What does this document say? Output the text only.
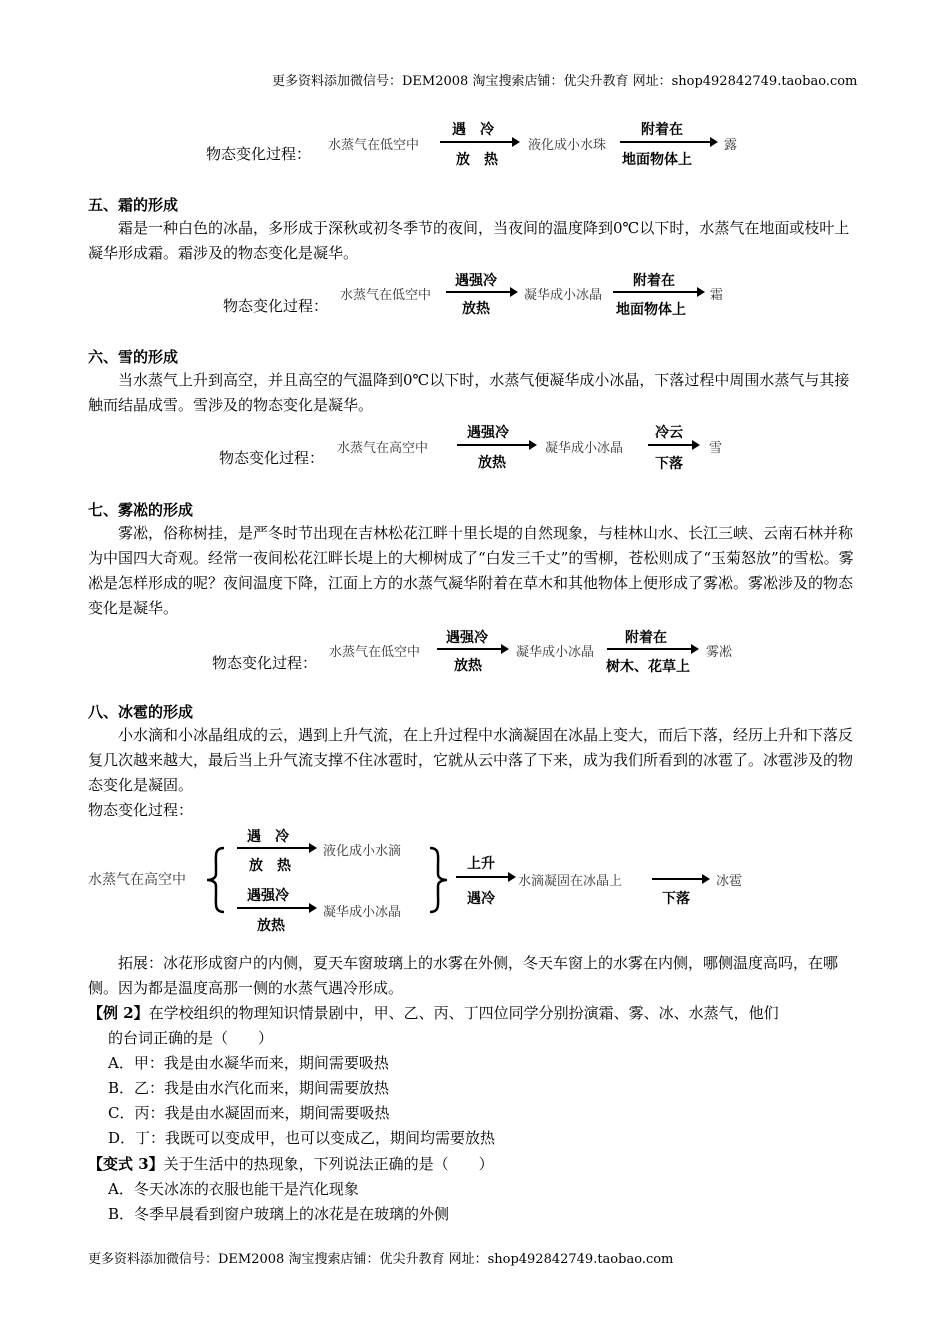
更多资料添加微信号：DEM2008 淘宝搜索店铺：优尖升教育 网址：shop492842749.taobao.com
物态变化过程： 水蒸气在低空中
遇　冷
放　热
液化成小水珠
附着在
地面物体上
露
五、霜的形成
霜是一种白色的冰晶，多形成于深秋或初冬季节的夜间，当夜间的温度降到0℃以下时，水蒸气在地面或枝叶上凝华形成霜。霜涉及的物态变化是凝华。
物态变化过程：
水蒸气在低空中
遇强冷
放热
凝华成小冰晶
附着在
地面物体上
霜
六、雪的形成
当水蒸气上升到高空，并且高空的气温降到0℃以下时，水蒸气便凝华成小冰晶，下落过程中周围水蒸气与其接触而结晶成雪。雪涉及的物态变化是凝华。
物态变化过程：
水蒸气在高空中
遇强冷
放热
凝华成小冰晶
冷云
下落
雪
七、雾凇的形成
雾凇，俗称树挂，是严冬时节出现在吉林松花江畔十里长堤的自然现象，与桂林山水、长江三峡、云南石林并称为中国四大奇观。经常一夜间松花江畔长堤上的大柳树成了“白发三千丈”的雪柳，苍松则成了“玉菊怒放”的雪松。雾凇是怎样形成的呢？夜间温度下降，江面上方的水蒸气凝华附着在草木和其他物体上便形成了雾凇。雾凇涉及的物态变化是凝华。
物态变化过程：
水蒸气在低空中
遇强冷
放热
凝华成小冰晶
附着在
树木、花草上
雾凇
八、冰雹的形成
小水滴和小冰晶组成的云，遇到上升气流，在上升过程中水滴凝固在冰晶上变大，而后下落，经历上升和下落反复几次越来越大，最后当上升气流支撑不住冰雹时，它就从云中落了下来，成为我们所看到的冰雹了。冰雹涉及的物态变化是凝固。
物态变化过程：
水蒸气在高空中
遇　冷
放　热
液化成小水滴
遇强冷
放热
凝华成小冰晶
上升
遇冷
水滴凝固在冰晶上
下落
冰雹
拓展：冰花形成窗户的内侧，夏天车窗玻璃上的水雾在外侧，冬天车窗上的水雾在内侧，哪侧温度高吗，在哪侧。因为都是温度高那一侧的水蒸气遇冷形成。
【例 2】在学校组织的物理知识情景剧中，甲、乙、丙、丁四位同学分别扮演霜、雾、冰、水蒸气，他们
的台词正确的是（　　）
A．甲：我是由水凝华而来，期间需要吸热
B．乙：我是由水汽化而来，期间需要放热
C．丙：我是由水凝固而来，期间需要吸热
D．丁：我既可以变成甲，也可以变成乙，期间均需要放热
【变式 3】关于生活中的热现象，下列说法正确的是（　　）
A．冬天冰冻的衣服也能干是汽化现象
B．冬季早晨看到窗户玻璃上的冰花是在玻璃的外侧
更多资料添加微信号：DEM2008 淘宝搜索店铺：优尖升教育 网址：shop492842749.taobao.com
